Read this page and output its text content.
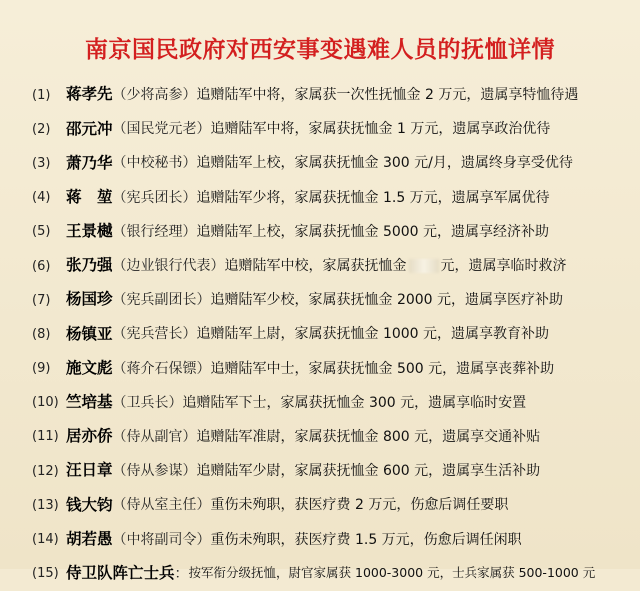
南京国民政府对西安事变遇难人员的抚恤详情
(1)	蒋孝先 （少将高参） 追赠陆军中将，家属获一次性抚恤金 2 万元，遗属享特恤待遇
(2)	邵元冲 （国民党元老） 追赠陆军中将，家属获抚恤金 1 万元，遗属享政治优待
(3)	萧乃华 （中校秘书） 追赠陆军上校，家属获抚恤金 300 元/月，遗属终身享受优待
(4)	蒋　堃 （宪兵团长） 追赠陆军少将，家属获抚恤金 1.5 万元，遗属享军属优待
(5)	王景樾 （银行经理） 追赠陆军上校，家属获抚恤金 5000 元，遗属享经济补助
(6)	张乃强 （边业银行代表） 追赠陆军中校，家属获抚恤金 元，遗属享临时救济
(7)	杨国珍 （宪兵副团长） 追赠陆军少校，家属获抚恤金 2000 元，遗属享医疗补助
(8)	杨镇亚 （宪兵营长） 追赠陆军上尉，家属获抚恤金 1000 元，遗属享教育补助
(9)	施文彪 （蒋介石保镖） 追赠陆军中士，家属获抚恤金 500 元，遗属享丧葬补助
(10) 竺培基 （卫兵长） 追赠陆军下士，家属获抚恤金 300 元，遗属享临时安置
(11) 居亦侨 （侍从副官） 追赠陆军准尉，家属获抚恤金 800 元，遗属享交通补贴
(12) 汪日章 （侍从参谋） 追赠陆军少尉，家属获抚恤金 600 元，遗属享生活补助
(13) 钱大钧 （侍从室主任） 重伤未殉职，获医疗费 2 万元，伤愈后调任要职
(14) 胡若愚 （中将副司令） 重伤未殉职，获医疗费 1.5 万元，伤愈后调任闲职
(15) 侍卫队阵亡士兵 ： 按军衔分级抚恤，尉官家属获 1000-3000 元，士兵家属获 500-1000 元
